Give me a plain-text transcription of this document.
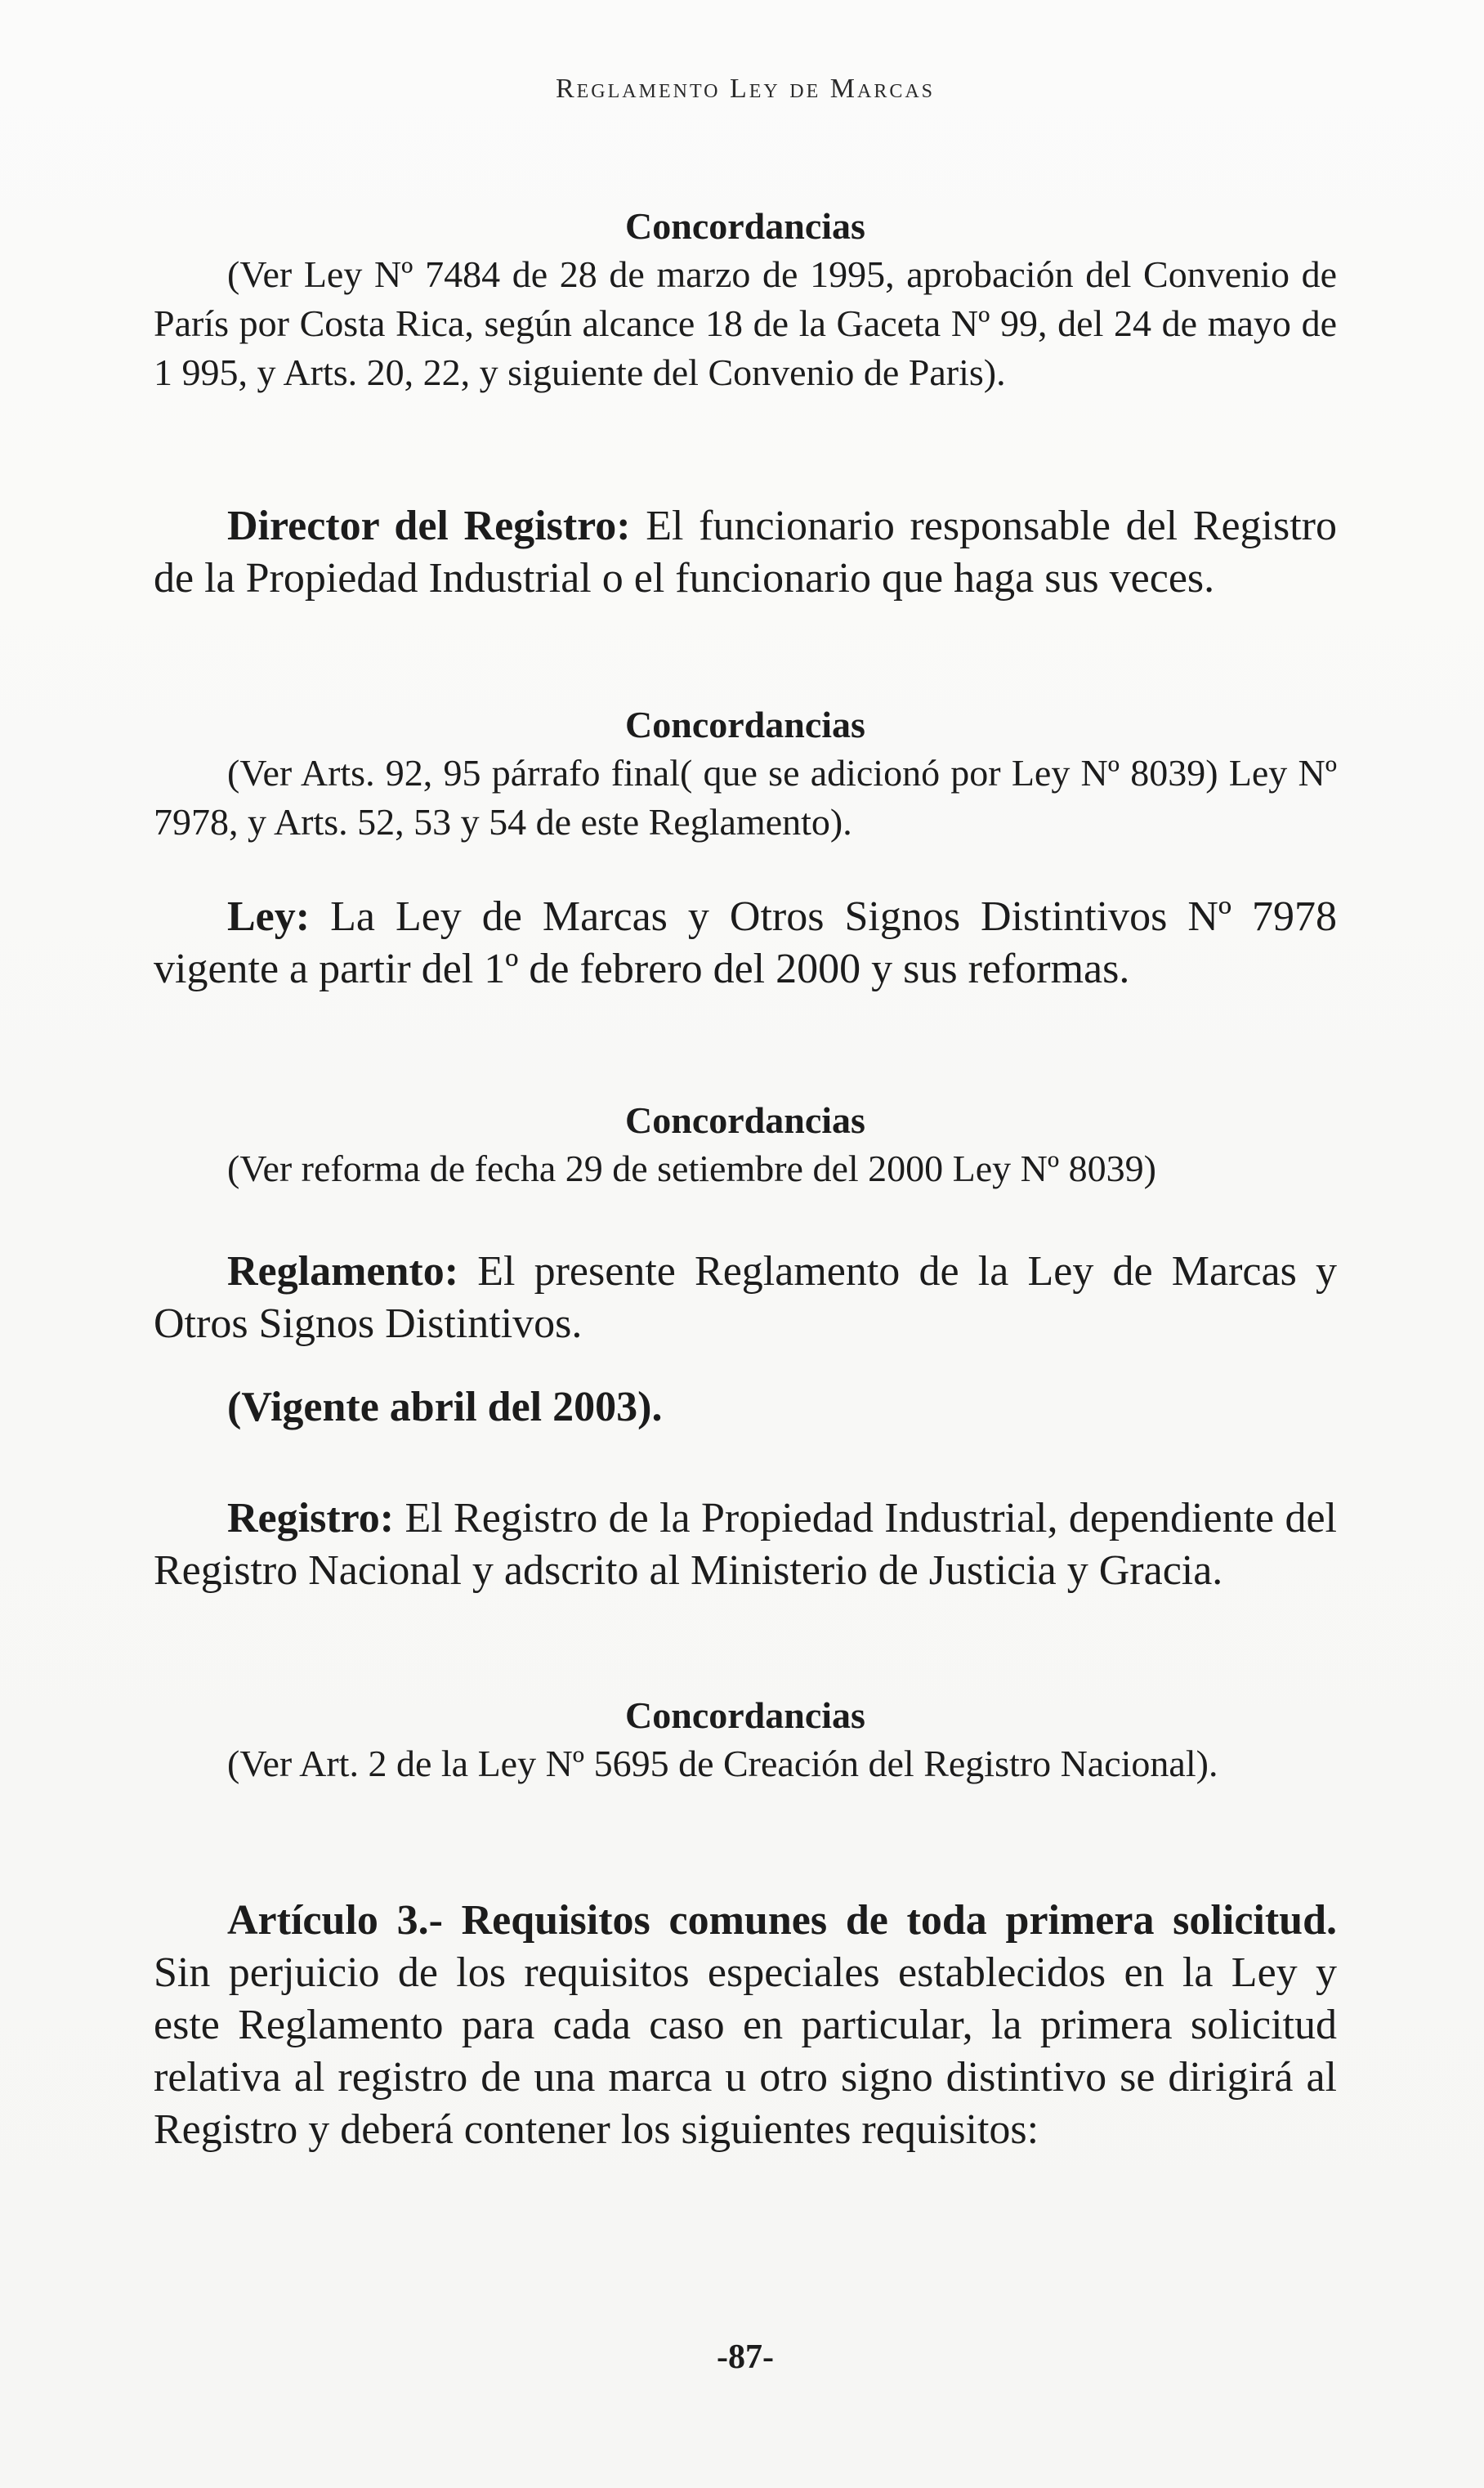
Reglamento Ley de Marcas

Concordancias

(Ver Ley Nº 7484 de 28 de marzo de 1995, aprobación del Convenio de París por Costa Rica, según alcance 18 de la Gaceta Nº 99, del 24 de mayo de 1 995, y Arts. 20, 22, y siguiente del Convenio de Paris).

Director del Registro: El funcionario responsable del Registro de la Propiedad Industrial o el funcionario que haga sus veces.

Concordancias

(Ver Arts. 92, 95 párrafo final( que se adicionó por Ley Nº 8039) Ley Nº 7978, y Arts. 52, 53 y 54 de este Reglamento).

Ley: La Ley de Marcas y Otros Signos Distintivos Nº 7978 vigente a partir del 1º de febrero del 2000 y sus reformas.

Concordancias

(Ver reforma de fecha 29 de setiembre del 2000 Ley Nº 8039)

Reglamento: El presente Reglamento de la Ley de Marcas y Otros Signos Distintivos.

(Vigente abril del 2003).

Registro: El Registro de la Propiedad Industrial, dependiente del Registro Nacional y adscrito al Ministerio de Justicia y Gracia.

Concordancias

(Ver Art. 2 de la Ley Nº 5695 de Creación del Registro Nacional).

Artículo 3.- Requisitos comunes de toda primera solicitud. Sin perjuicio de los requisitos especiales establecidos en la Ley y este Reglamento para cada caso en particular, la primera solicitud relativa al registro de una marca u otro signo distintivo se dirigirá al Registro y deberá contener los siguientes requisitos:

-87-
